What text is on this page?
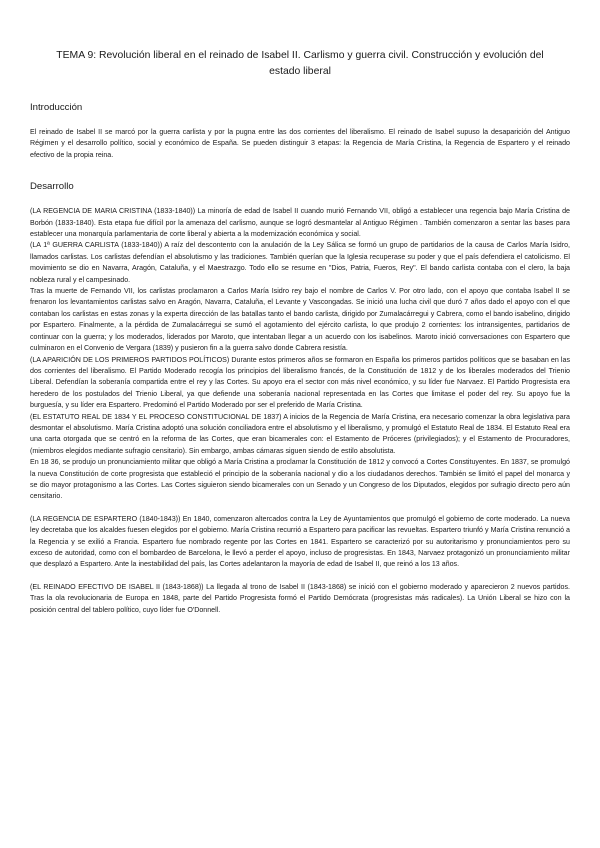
TEMA 9: Revolución liberal en el reinado de Isabel II. Carlismo y guerra civil. Construcción y evolución del estado liberal
Introducción

El reinado de Isabel II se marcó por la guerra carlista y por la pugna entre las dos corrientes del liberalismo. El reinado de Isabel supuso la desaparición del Antiguo Régimen y el desarrollo político, social y económico de España. Se pueden distinguir 3 etapas: la Regencia de María Cristina, la Regencia de Espartero y el reinado efectivo de la propia reina.

Desarrollo

(LA REGENCIA DE MARIA CRISTINA (1833-1840)) La minoría de edad de Isabel II cuando murió Fernando VII, obligó a establecer una regencia bajo María Cristina de Borbón (1833-1840). Esta etapa fue difícil por la amenaza del carlismo, aunque se logró desmantelar al Antiguo Régimen . También comenzaron a sentar las bases para establecer una monarquía parlamentaria de corte liberal y abierta a la modernización económica y social.

(LA 1ª GUERRA CARLISTA (1833-1840)) A raíz del descontento con la anulación de la Ley Sálica se formó un grupo de partidarios de la causa de Carlos María Isidro, llamados carlistas. Los carlistas defendían el absolutismo y las tradiciones. También querían que la Iglesia recuperase su poder y que el país defendiera el catolicismo. El movimiento se dio en Navarra, Aragón, Cataluña, y el Maestrazgo. Todo ello se resume en "Dios, Patria, Fueros, Rey". El bando carlista contaba con el clero, la baja nobleza rural y el campesinado.

Tras la muerte de Fernando VII, los carlistas proclamaron a Carlos María Isidro rey bajo el nombre de Carlos V. Por otro lado, con el apoyo que contaba Isabel II se frenaron los levantamientos carlistas salvo en Aragón, Navarra, Cataluña, el Levante y Vascongadas. Se inició una lucha civil que duró 7 años dado el apoyo con el que contaban los carlistas en estas zonas y la experta dirección de las batallas tanto el bando carlista, dirigido por Zumalacárregui y Cabrera, como el bando isabelino, dirigido por Espartero. Finalmente, a la pérdida de Zumalacárregui se sumó el agotamiento del ejército carlista, lo que produjo 2 corrientes: los intransigentes, partidarios de continuar con la guerra; y los moderados, liderados por Maroto, que intentaban llegar a un acuerdo con los isabelinos. Maroto inició conversaciones con Espartero que culminaron en el Convenio de Vergara (1839) y pusieron fin a la guerra salvo donde Cabrera resistía.

(LA APARICIÓN DE LOS PRIMEROS PARTIDOS POLÍTICOS) Durante estos primeros años se formaron en España los primeros partidos políticos que se basaban en las dos corrientes del liberalismo. El Partido Moderado recogía los principios del liberalismo francés, de la Constitución de 1812 y de los liberales moderados del Trienio Liberal. Defendían la soberanía compartida entre el rey y las Cortes. Su apoyo era el sector con más nivel económico, y su líder fue Narvaez. El Partido Progresista era heredero de los postulados del Trienio Liberal, ya que defiende una soberanía nacional representada en las Cortes que limitase el poder del rey. Su apoyo fue la burguesía, y su líder era Espartero. Predominó el Partido Moderado por ser el preferido de María Cristina.

(EL ESTATUTO REAL DE 1834 Y EL PROCESO CONSTITUCIONAL DE 1837) A inicios de la Regencia de María Cristina, era necesario comenzar la obra legislativa para desmontar el absolutismo. María Cristina adoptó una solución conciliadora entre el absolutismo y el liberalismo, y promulgó el Estatuto Real de 1834. El Estatuto Real era una carta otorgada que se centró en la reforma de las Cortes, que eran bicamerales con: el Estamento de Próceres (privilegiados); y el Estamento de Procuradores, (miembros elegidos mediante sufragio censitario). Sin embargo, ambas cámaras siguen siendo de estilo absolutista.

En 18 36, se produjo un pronunciamiento militar que obligó a María Cristina a proclamar la Constitución de 1812 y convocó a Cortes Constituyentes. En 1837, se promulgó la nueva Constitución de corte progresista que estableció el principio de la soberanía nacional y dio a los ciudadanos derechos. También se limitó el papel del monarca y se dio mayor protagonismo a las Cortes. Las Cortes siguieron siendo bicamerales con un Senado y un Congreso de los Diputados, elegidos por sufragio directo pero aún censitario.

(LA REGENCIA DE ESPARTERO (1840-1843)) En 1840, comenzaron altercados contra la Ley de Ayuntamientos que promulgó el gobierno de corte moderado. La nueva ley decretaba que los alcaldes fuesen elegidos por el gobierno. María Cristina recurrió a Espartero para pacificar las revueltas. Espartero triunfó y María Cristina renunció a la Regencia y se exilió a Francia. Espartero fue nombrado regente por las Cortes en 1841. Espartero se caracterizó por su autoritarismo y pronunciamientos pero su exceso de autoridad, como con el bombardeo de Barcelona, le llevó a perder el apoyo, incluso de progresistas. En 1843, Narvaez protagonizó un pronunciamiento militar que desplazó a Espartero. Ante la inestabilidad del país, las Cortes adelantaron la mayoría de edad de Isabel II, que reinó a los 13 años.

(EL REINADO EFECTIVO DE ISABEL II (1843-1868)) La llegada al trono de Isabel II (1843-1868) se inició con el gobierno moderado y aparecieron 2 nuevos partidos. Tras la ola revolucionaria de Europa en 1848, parte del Partido Progresista formó el Partido Demócrata (progresistas más radicales). La Unión Liberal se hizo con la posición central del tablero político, cuyo líder fue O'Donnell.
